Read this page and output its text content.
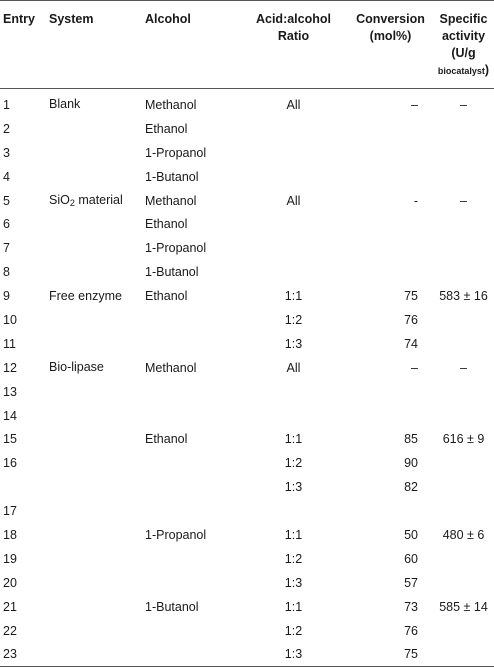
Entry	System	Alcohol	Acid:alcohol Ratio	Conversion (mol%)	Specific activity (U/g biocatalyst)
1	Blank	Methanol	All	–	–
2		Ethanol			
3		1-Propanol			
4		1-Butanol			
5	SiO2 material	Methanol	All	-	–
6		Ethanol			
7		1-Propanol			
8		1-Butanol			
9	Free enzyme	Ethanol	1:1	75	583 ± 16
10			1:2	76	
11			1:3	74	
12	Bio-lipase	Methanol	All	–	–
13					
14					
15		Ethanol	1:1	85	616 ± 9
16			1:2	90	
			1:3	82	
17					
18		1-Propanol	1:1	50	480 ± 6
19			1:2	60	
20			1:3	57	
21		1-Butanol	1:1	73	585 ± 14
22			1:2	76	
23			1:3	75	
